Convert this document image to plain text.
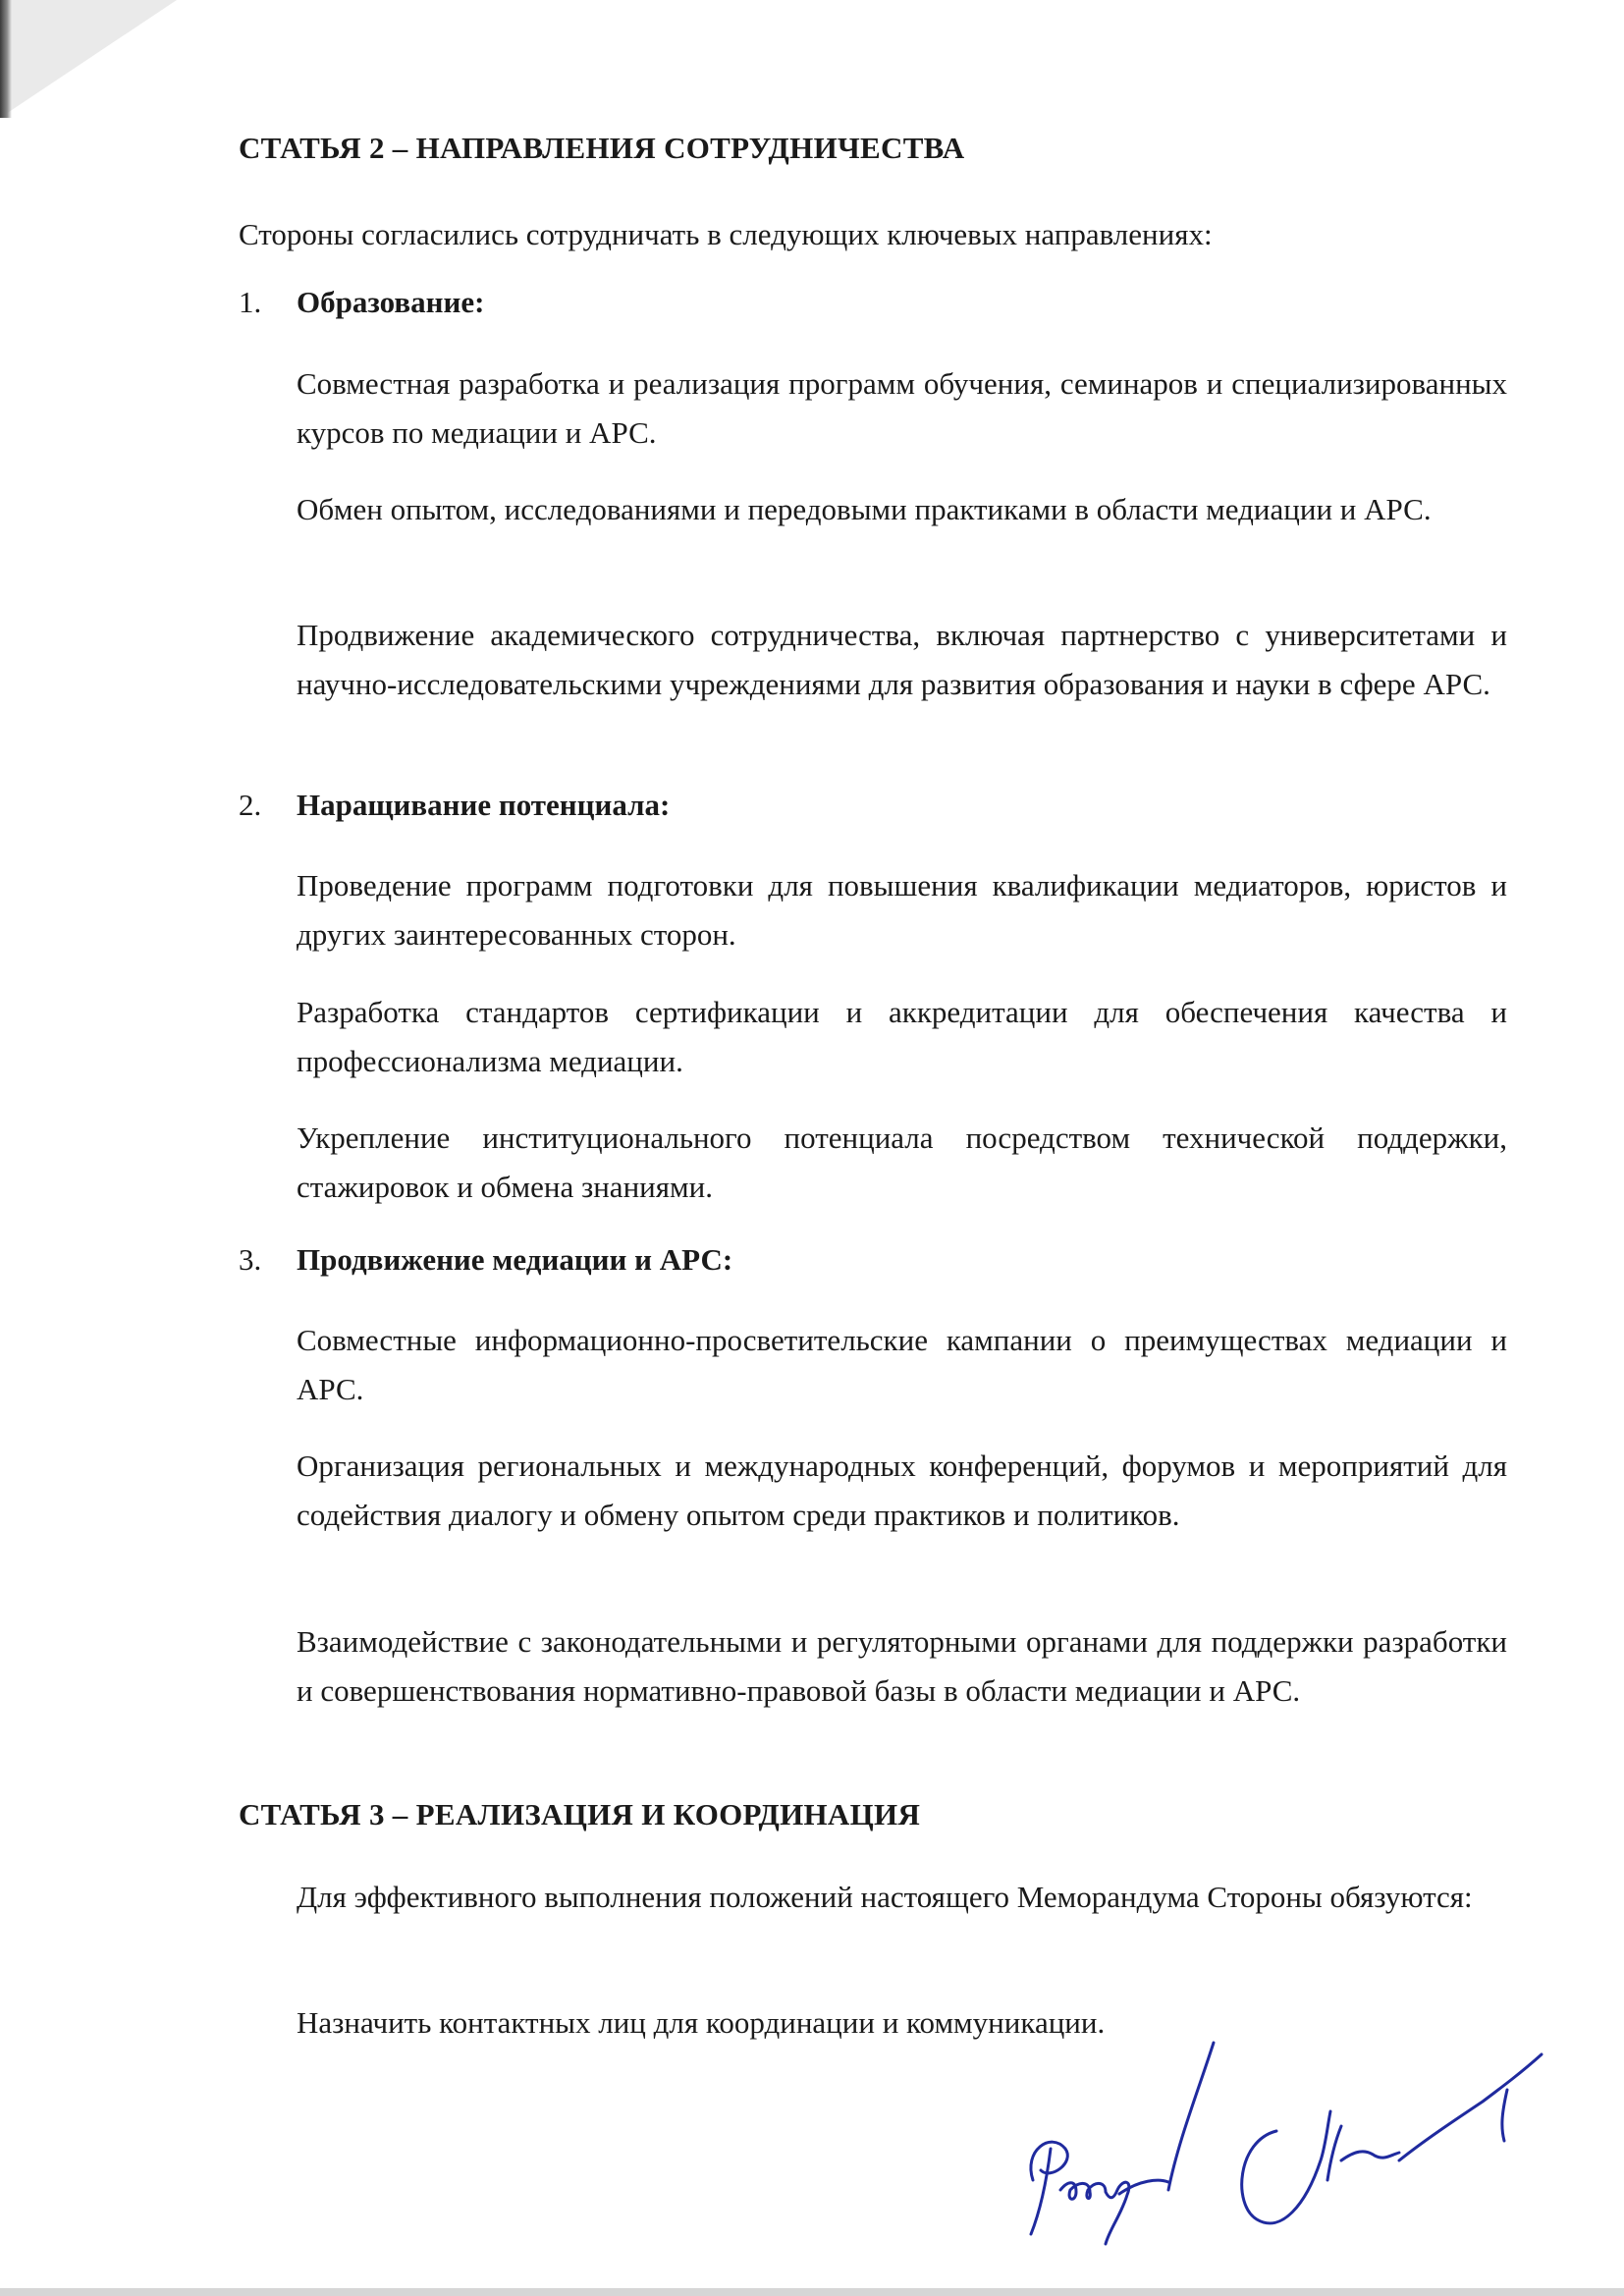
СТАТЬЯ 2 – НАПРАВЛЕНИЯ СОТРУДНИЧЕСТВА

Стороны согласились сотрудничать в следующих ключевых направлениях:

1.	Образование:

Совместная разработка и реализация программ обучения, семинаров и специализированных курсов по медиации и АРС.

Обмен опытом, исследованиями и передовыми практиками в области медиации и АРС.

Продвижение академического сотрудничества, включая партнерство с университетами и научно-исследовательскими учреждениями для развития образования и науки в сфере АРС.

2.	Наращивание потенциала:

Проведение программ подготовки для повышения квалификации медиаторов, юристов и других заинтересованных сторон.

Разработка стандартов сертификации и аккредитации для обеспечения качества и профессионализма медиации.

Укрепление институционального потенциала посредством технической поддержки, стажировок и обмена знаниями.

3.	Продвижение медиации и АРС:

Совместные информационно-просветительские кампании о преимуществах медиации и АРС.

Организация региональных и международных конференций, форумов и мероприятий для содействия диалогу и обмену опытом среди практиков и политиков.

Взаимодействие с законодательными и регуляторными органами для поддержки разработки и совершенствования нормативно-правовой базы в области медиации и АРС.

СТАТЬЯ 3 – РЕАЛИЗАЦИЯ И КООРДИНАЦИЯ

Для эффективного выполнения положений настоящего Меморандума Стороны обязуются:

Назначить контактных лиц для координации и коммуникации.
